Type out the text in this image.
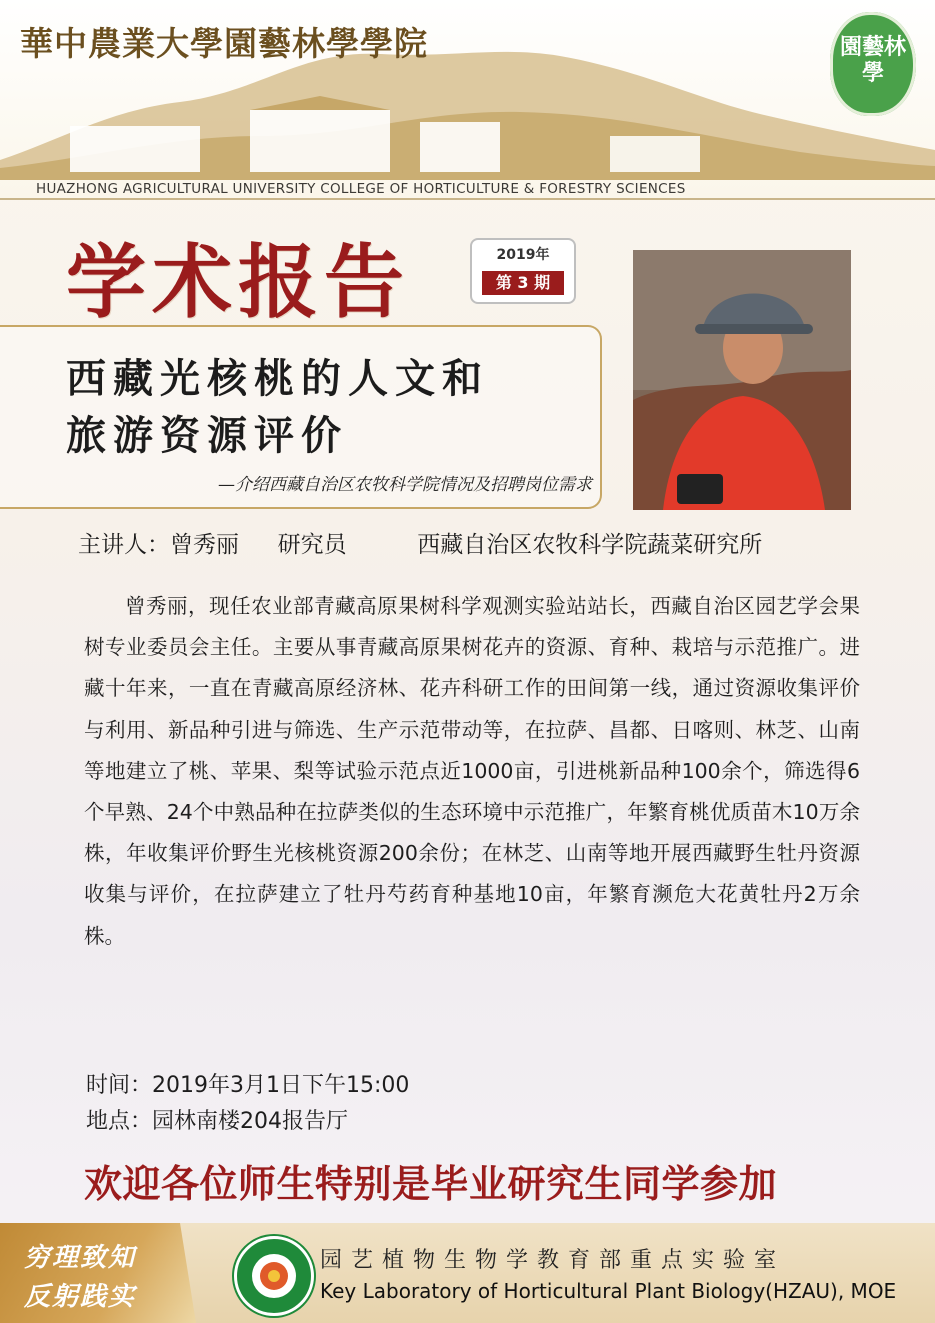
華中農業大學園藝林學學院
HUAZHONG AGRICULTURAL UNIVERSITY COLLEGE OF HORTICULTURE & FORESTRY SCIENCES
園藝林學
学术报告	2019年
第 3 期
西藏光核桃的人文和
旅游资源评价
—介绍西藏自治区农牧科学院情况及招聘岗位需求
主讲人：曾秀丽 研究员	西藏自治区农牧科学院蔬菜研究所
曾秀丽，现任农业部青藏高原果树科学观测实验站站长，西藏自治区园艺学会果树专业委员会主任。主要从事青藏高原果树花卉的资源、育种、栽培与示范推广。进藏十年来，一直在青藏高原经济林、花卉科研工作的田间第一线，通过资源收集评价与利用、新品种引进与筛选、生产示范带动等，在拉萨、昌都、日喀则、林芝、山南等地建立了桃、苹果、梨等试验示范点近1000亩，引进桃新品种100余个，筛选得6个早熟、24个中熟品种在拉萨类似的生态环境中示范推广，年繁育桃优质苗木10万余株，年收集评价野生光核桃资源200余份；在林芝、山南等地开展西藏野生牡丹资源收集与评价，在拉萨建立了牡丹芍药育种基地10亩，年繁育濒危大花黄牡丹2万余株。
时间：2019年3月1日下午15:00
地点：园林南楼204报告厅
欢迎各位师生特别是毕业研究生同学参加
穷理致知
反躬践实
园艺植物生物学教育部重点实验室
Key Laboratory of Horticultural Plant Biology(HZAU), MOE
